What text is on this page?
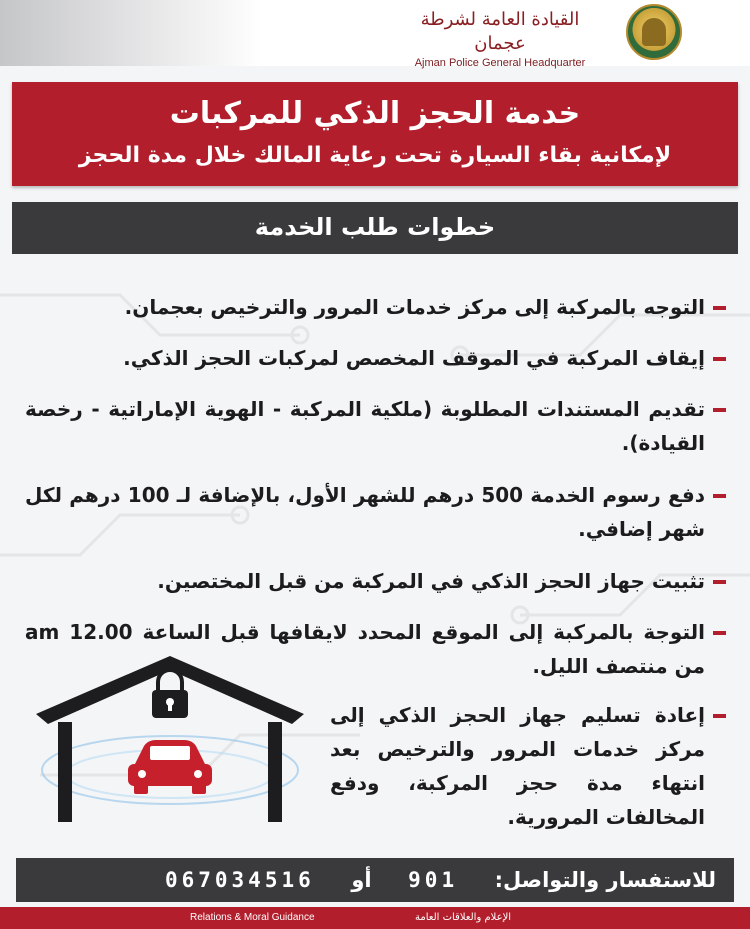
القيادة العامة لشرطة عجمان
Ajman Police General Headquarter
خدمة الحجز الذكي للمركبات
لإمكانية بقاء السيارة تحت رعاية المالك خلال مدة الحجز
خطوات طلب الخدمة
التوجه بالمركبة إلى مركز خدمات المرور والترخيص بعجمان.
إيقاف المركبة في الموقف المخصص لمركبات الحجز الذكي.
تقديم المستندات المطلوبة (ملكية المركبة - الهوية الإماراتية - رخصة القيادة).
دفع رسوم الخدمة 500 درهم للشهر الأول، بالإضافة لـ 100 درهم لكل شهر إضافي.
تثبيت جهاز الحجز الذكي في المركبة من قبل المختصين.
التوجة بالمركبة إلى الموقع المحدد لايقافها قبل الساعة 12.00 am من منتصف الليل.
إعادة تسليم جهاز الحجز الذكي إلى مركز خدمات المرور والترخيص بعد انتهاء مدة حجز المركبة، ودفع المخالفات المرورية.
للاستفسار والتواصل:     901     أو     067034516
Relations & Moral Guidance	الإعلام والعلاقات العامة
